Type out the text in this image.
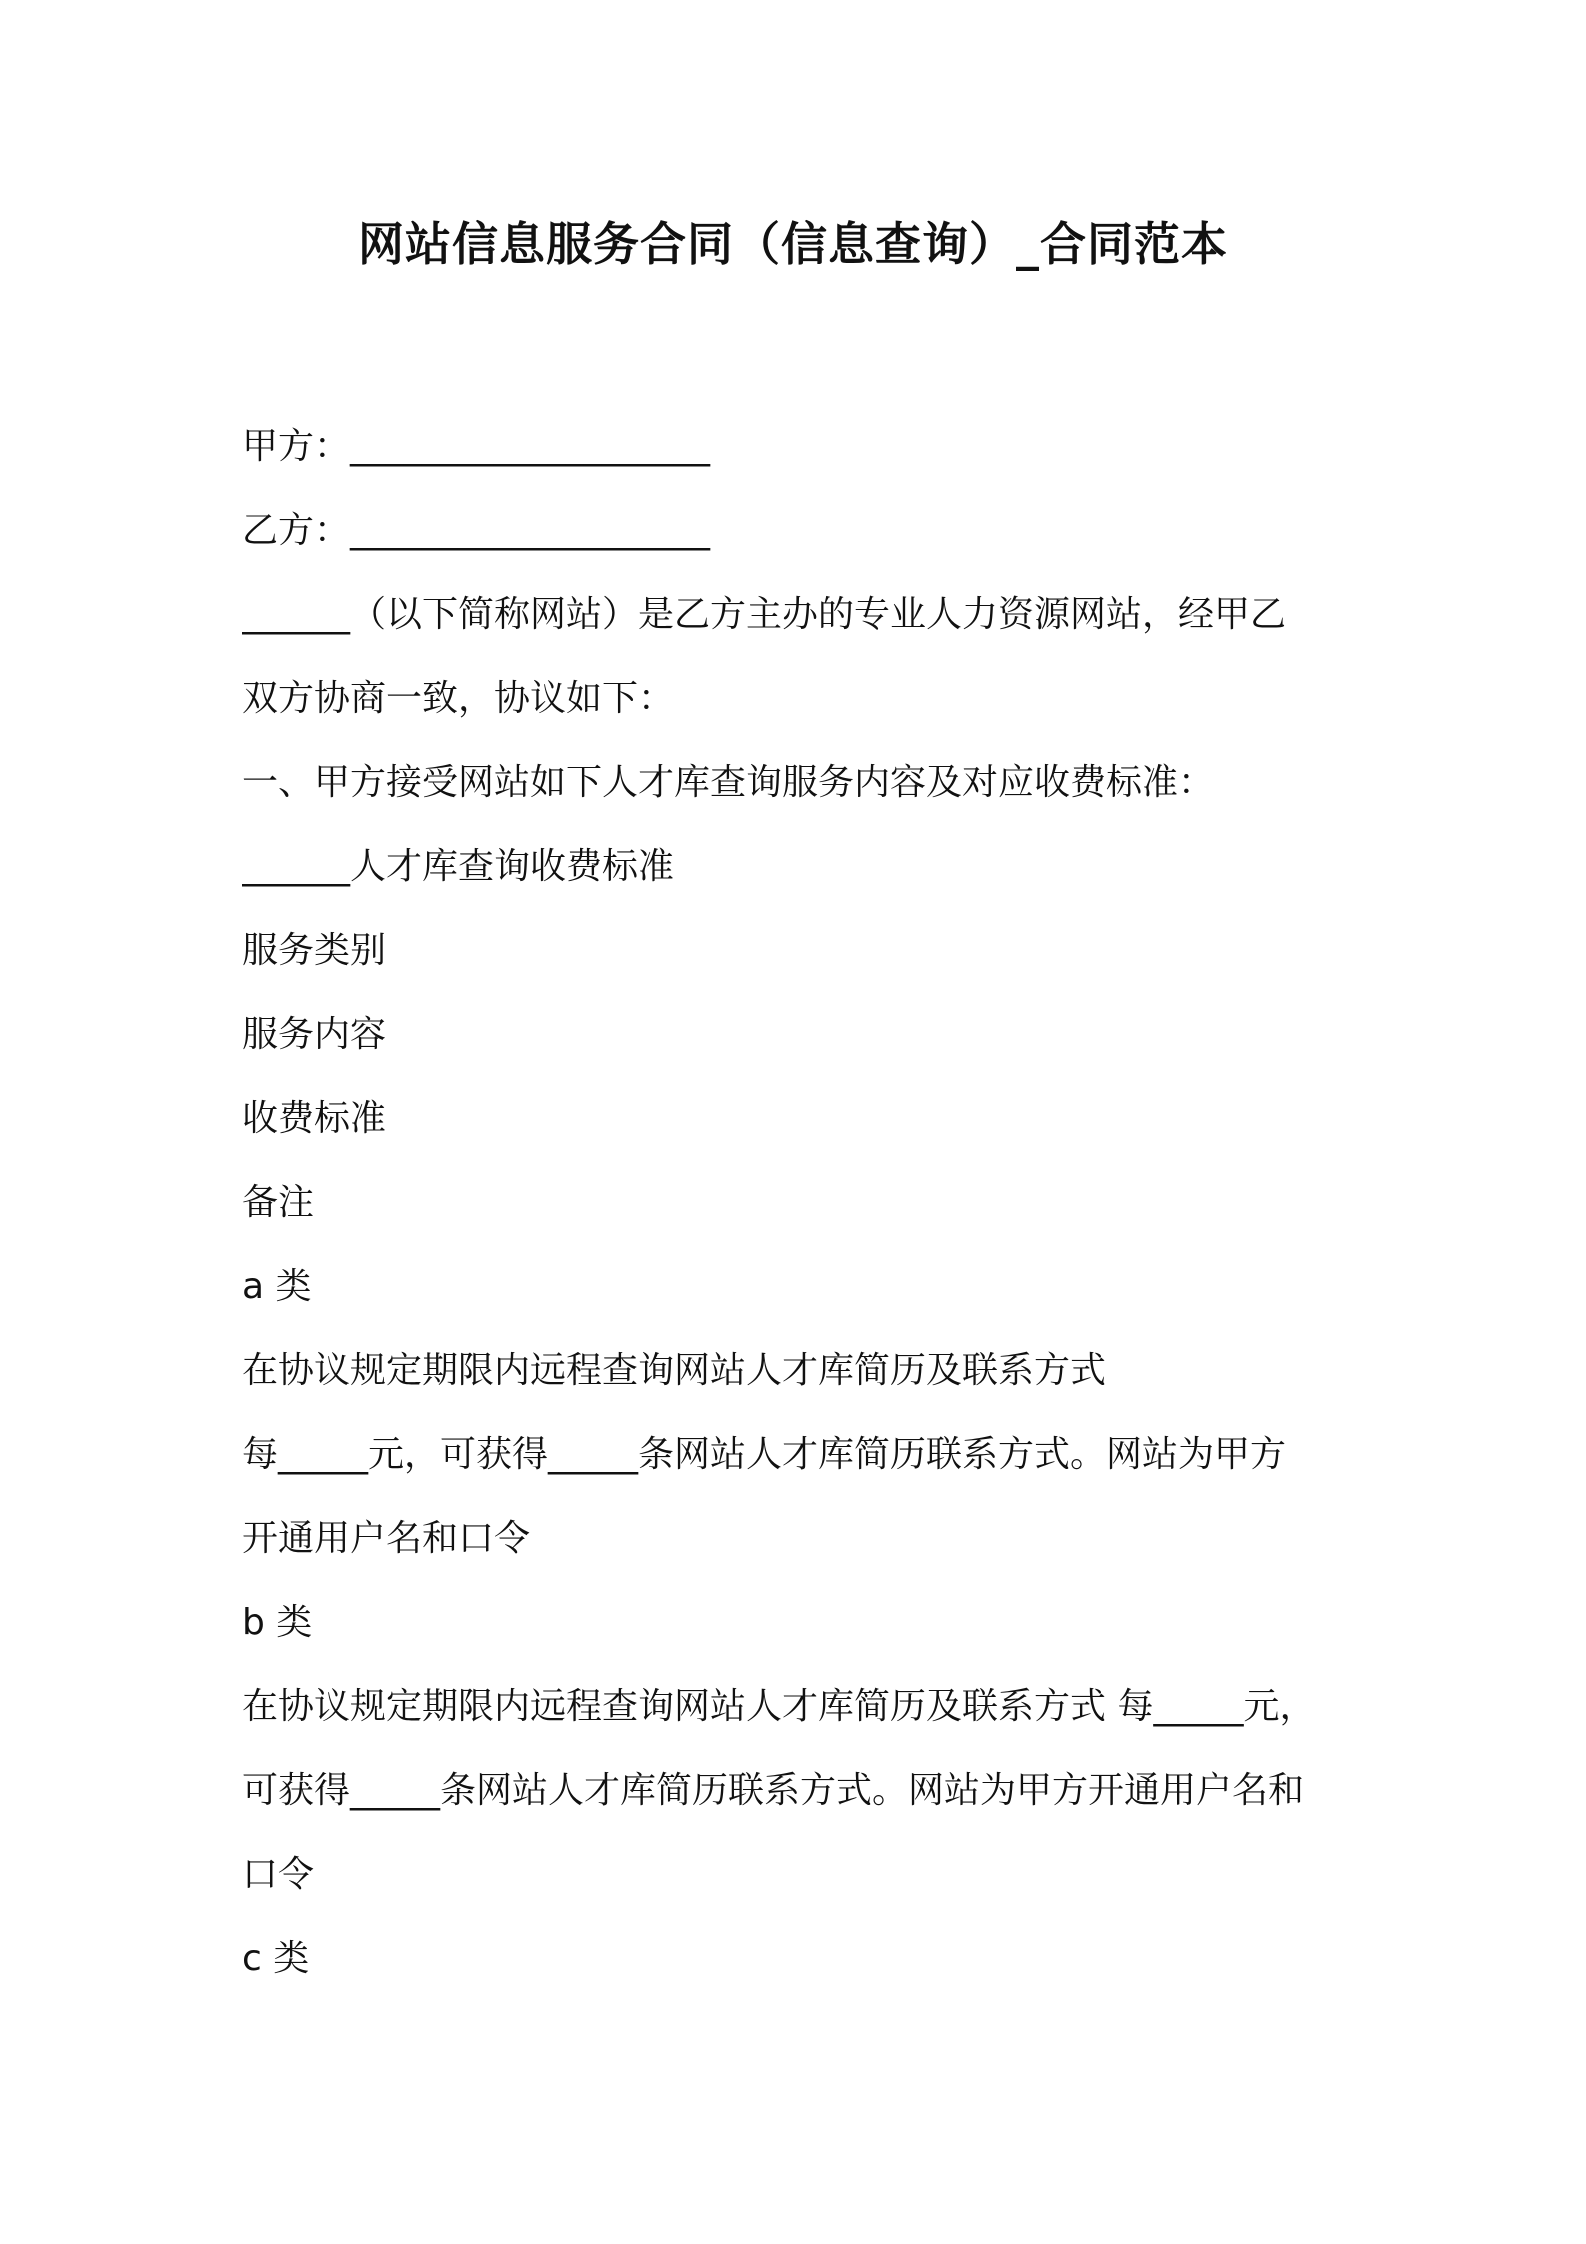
网站信息服务合同（信息查询）_合同范本
甲方：____________________
乙方：____________________
______（以下简称网站）是乙方主办的专业人力资源网站，经甲乙
双方协商一致，协议如下：
一、甲方接受网站如下人才库查询服务内容及对应收费标准：
______人才库查询收费标准
服务类别
服务内容
收费标准
备注
a 类
在协议规定期限内远程查询网站人才库简历及联系方式
每_____元，可获得_____条网站人才库简历联系方式。网站为甲方
开通用户名和口令
b 类
在协议规定期限内远程查询网站人才库简历及联系方式 每_____元，
可获得_____条网站人才库简历联系方式。网站为甲方开通用户名和
口令
c 类
